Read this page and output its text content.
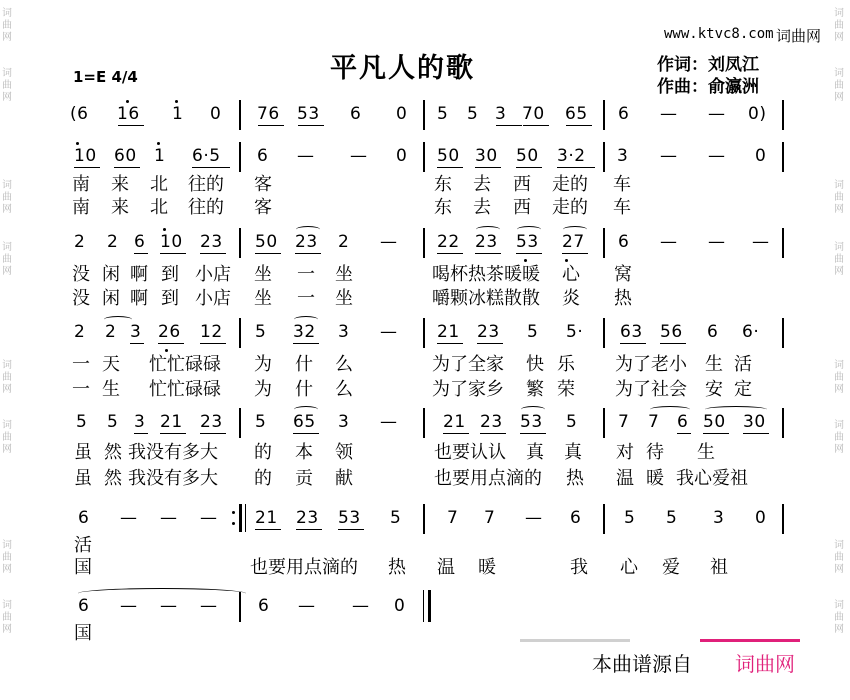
词
曲
网
词
曲
网
词
曲
网
词
曲
网
词
曲
网
词
曲
网
词
曲
网
词
曲
网
词
曲
网
词
曲
网
词
曲
网
词
曲
网
词
曲
网
词
曲
网
词
曲
网
词
曲
网
www.ktvc8.com 词曲网
平凡人的歌	作词：刘凤江
作曲：俞瀛洲
1=E 4/4
(6 16 1 0 76 53 6 0 5 5 3 70 65 6 — — 0)
10 60 1 6·5 6 — — 0 50 30 50 3·2 3 — — 0
南 来 北 往的 客	东 去 西 走的 车
南 来 北 往的 客	东 去 西 走的 车
2 2 6 10 23 50 23 2 — 22 23 53 27 6 — — —
没 闲 啊 到 小店 坐 一 坐	喝杯热茶暖暖 心 窝
没 闲 啊 到 小店 坐 一 坐	嚼颗冰糕散散 炎 热
2 2 3 26 12 5 32 3 — 21 23 5 5· 63 56 6 6·
一 天 忙忙碌碌 为 什 么	为了全家 快 乐 为了老小 生 活
一 生 忙忙碌碌 为 什 么	为了家乡 繁 荣 为了社会 安 定
5 5 3 21 23 5 65 3 —	21 23 53 5 7 7 6 50 30
虽 然 我没有多大 的 本 领	也要认认 真 真 对 待 生
虽 然 我没有多大 的 贡 献	也要用点滴的 热 温 暖 我心爱祖
6 — — — 21 23 53 5	7 7 — 6	5 5 3 0
活
国	也要用点滴的 热 温 暖	我 心 爱 祖
6 — — — 6 — — 0
国
本曲谱源自 词曲网
